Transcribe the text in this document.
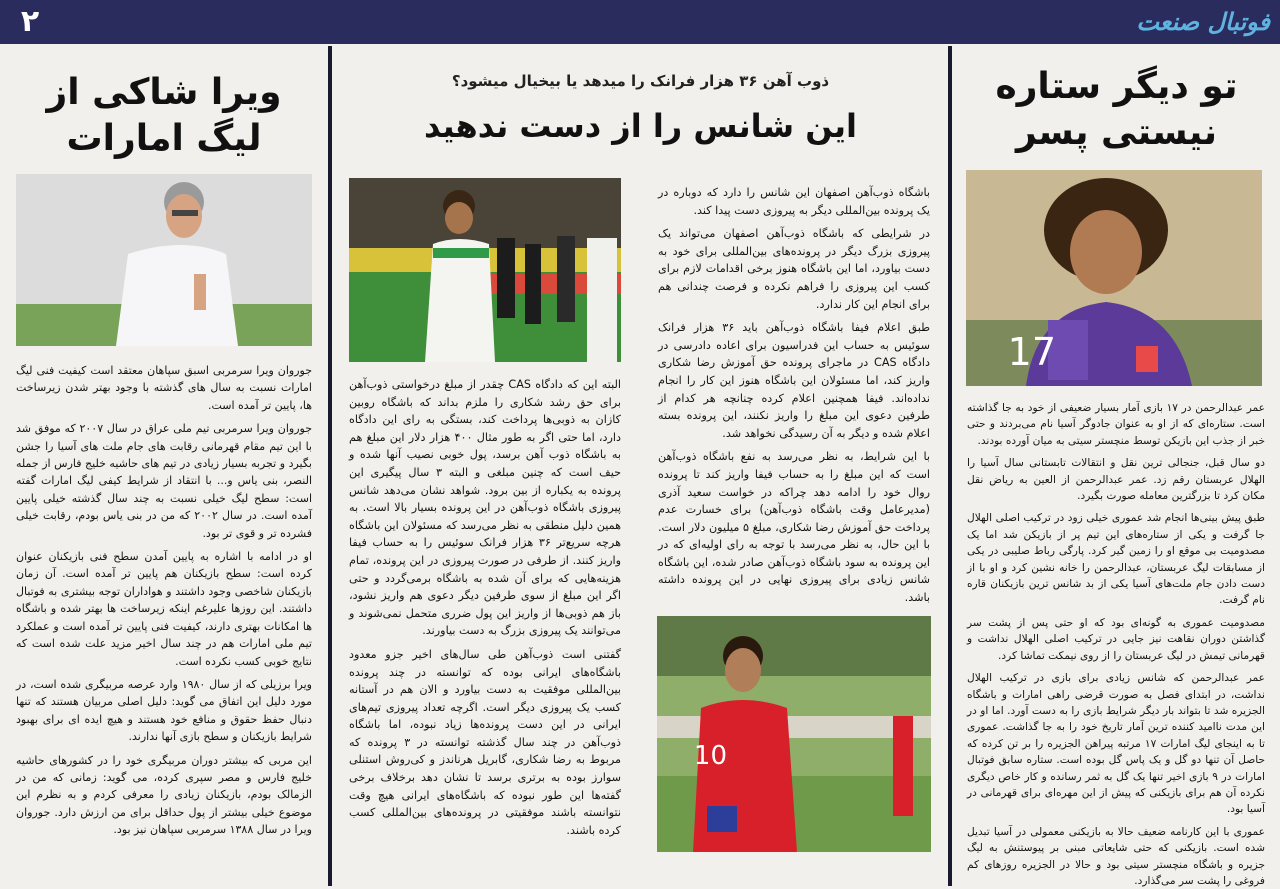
۲	فوتبال صنعت
تو دیگر ستاره
نیستی پسر
17

عمر عبدالرحمن در ۱۷ بازی آمار بسیار ضعیفی از خود به جا گذاشته است. ستاره‌ای که از او به عنوان جادوگر آسیا نام می‌بردند و حتی خبر از جذب این بازیکن توسط منچستر سیتی به میان آورده بودند.

دو سال قبل، جنجالی ترین نقل و انتقالات تابستانی سال آسیا را الهلال عربستان رقم زد. عمر عبدالرحمن از العین به ریاض نقل مکان کرد تا بزرگترین معامله صورت بگیرد.

طبق پیش بینی‌ها انجام شد عموری خیلی زود در ترکیب اصلی الهلال جا گرفت و یکی از ستاره‌های این تیم پر از بازیکن شد اما یک مصدومیت بی موقع او را زمین گیر کرد. پارگی رباط صلیبی در یکی از مسابقات لیگ عربستان، عبدالرحمن را خانه نشین کرد و او با از دست دادن جام ملت‌های آسیا یکی از بد شانس ترین بازیکنان قاره نام گرفت.

مصدومیت عموری به گونه‌ای بود که او حتی پس از پشت سر گذاشتن دوران نقاهت نیز جایی در ترکیب اصلی الهلال نداشت و قهرمانی تیمش در لیگ عربستان را از روی نیمکت تماشا کرد.

عمر عبدالرحمن که شانس زیادی برای بازی در ترکیب الهلال نداشت، در ابتدای فصل به صورت قرضی راهی امارات و باشگاه الجزیره شد تا بتواند بار دیگر شرایط بازی را به دست آورد. اما او در این مدت ناامید کننده ترین آمار تاریخ خود را به جا گذاشت. عموری تا به اینجای لیگ امارات ۱۷ مرتبه پیراهن الجزیره را بر تن کرده که حاصل آن تنها دو گل و یک پاس گل بوده است. ستاره سابق فوتبال امارات در ۹ بازی اخیر تنها یک گل به ثمر رسانده و کار خاص دیگری نکرده آن هم برای بازیکنی که پیش از این مهره‌ای برای قهرمانی در آسیا بود.

عموری با این کارنامه ضعیف حالا به بازیکنی معمولی در آسیا تبدیل شده است. بازیکنی که حتی شایعاتی مبنی بر پیوستنش به لیگ جزیره و باشگاه منچستر سیتی بود و حالا در الجزیره روزهای کم فروغی را پشت سر می‌گذارد.

ذوب آهن ۳۶ هزار فرانک را میدهد یا بیخیال میشود؟
این شانس را از دست ندهید
10

باشگاه ذوب‌آهن اصفهان این شانس را دارد که دوباره در یک پرونده بین‌المللی دیگر به پیروزی دست پیدا کند.

در شرایطی که باشگاه ذوب‌آهن اصفهان می‌تواند یک پیروزی بزرگ دیگر در پرونده‌های بین‌المللی برای خود به دست بیاورد، اما این باشگاه هنوز برخی اقدامات لازم برای کسب این پیروزی را فراهم نکرده و فرصت چندانی هم برای انجام این کار ندارد.

طبق اعلام فیفا باشگاه ذوب‌آهن باید ۳۶ هزار فرانک سوئیس به حساب این فدراسیون برای اعاده دادرسی در دادگاه CAS در ماجرای پرونده حق آموزش رضا شکاری واریز کند، اما مسئولان این باشگاه هنوز این کار را انجام نداده‌اند. فیفا همچنین اعلام کرده چنانچه هر کدام از طرفین دعوی این مبلغ را واریز نکنند، این پرونده بسته اعلام شده و دیگر به آن رسیدگی نخواهد شد.

با این شرایط، به نظر می‌رسد به نفع باشگاه ذوب‌آهن است که این مبلغ را به حساب فیفا واریز کند تا پرونده روال خود را ادامه دهد چراکه در خواست سعید آذری (مدیرعامل وقت باشگاه ذوب‌آهن) برای خسارت عدم پرداخت حق آموزش رضا شکاری، مبلغ ۵ میلیون دلار است. با این حال، به نظر می‌رسد با توجه به رای اولیه‌ای که در این پرونده به سود باشگاه ذوب‌آهن صادر شده، این باشگاه شانس زیادی برای پیروزی نهایی در این پرونده داشته باشد.

البته این که دادگاه CAS چقدر از مبلغ درخواستی ذوب‌آهن برای حق رشد شکاری را ملزم بداند که باشگاه روبین کازان به ذوبی‌ها پرداخت کند، بستگی به رای این دادگاه دارد، اما حتی اگر به طور مثال ۴۰۰ هزار دلار این مبلغ هم به باشگاه ذوب آهن برسد، پول خوبی نصیب آنها شده و حیف است که چنین مبلغی و البته ۳ سال پیگیری این پرونده به یکباره از بین برود. شواهد نشان می‌دهد شانس پیروزی باشگاه ذوب‌آهن در این پرونده بسیار بالا است. به همین دلیل منطقی به نظر می‌رسد که مسئولان این باشگاه هرچه سریع‌تر ۳۶ هزار فرانک سوئیس را به حساب فیفا واریز کنند. از طرفی در صورت پیروزی در این پرونده، تمام هزینه‌هایی که برای آن شده به باشگاه برمی‌گردد و حتی اگر این مبلغ از سوی طرفین دیگر دعوی هم واریز نشود، باز هم ذوبی‌ها از واریز این پول ضرری متحمل نمی‌شوند و می‌توانند یک پیروزی بزرگ به دست بیاورند.

گفتنی است ذوب‌آهن طی سال‌های اخیر جزو معدود باشگاه‌های ایرانی بوده که توانسته در چند پرونده بین‌المللی موفقیت به دست بیاورد و الان هم در آستانه کسب یک پیروزی دیگر است. اگرچه تعداد پیروزی تیم‌های ایرانی در این دست پرونده‌ها زیاد نبوده، اما باشگاه ذوب‌آهن در چند سال گذشته توانسته در ۳ پرونده که مربوط به رضا شکاری، گابریل هرناندز و کی‌روش استنلی سوارز بوده به برتری برسد تا نشان دهد برخلاف برخی گفته‌ها این طور نبوده که باشگاه‌های ایرانی هیچ وقت نتوانسته باشند موفقیتی در پرونده‌های بین‌المللی کسب کرده باشند.

ویرا شاکی از
لیگ امارات

جوروان ویرا سرمربی اسبق سپاهان معتقد است کیفیت فنی لیگ امارات نسبت به سال های گذشته با وجود بهتر شدن زیرساخت ها، پایین تر آمده است.

جوروان ویرا سرمربی تیم ملی عراق در سال ۲۰۰۷ که موفق شد با این تیم مقام قهرمانی رقابت های جام ملت های آسیا را جشن بگیرد و تجربه بسیار زیادی در تیم های حاشیه خلیج فارس از جمله النصر، بنی یاس و... با انتقاد از شرایط کیفی لیگ امارات گفته است: سطح لیگ خیلی نسبت به چند سال گذشته خیلی پایین آمده است. در سال ۲۰۰۲ که من در بنی یاس بودم، رقابت خیلی فشرده تر و قوی تر بود.

او در ادامه با اشاره به پایین آمدن سطح فنی بازیکنان عنوان کرده است: سطح بازیکنان هم پایین تر آمده است. آن زمان بازیکنان شاخصی وجود داشتند و هواداران توجه بیشتری به فوتبال داشتند. این روزها علیرغم اینکه زیرساخت ها بهتر شده و باشگاه ها امکانات بهتری دارند، کیفیت فنی پایین تر آمده است و عملکرد تیم ملی امارات هم در چند سال اخیر مزید علت شده است که نتایج خوبی کسب نکرده است.

ویرا برزیلی که از سال ۱۹۸۰ وارد عرصه مربیگری شده است، در مورد دلیل این اتفاق می گوید: دلیل اصلی مربیان هستند که تنها دنبال حفظ حقوق و منافع خود هستند و هیچ ایده ای برای بهبود شرایط بازیکنان و سطح بازی آنها ندارند.

این مربی که بیشتر دوران مربیگری خود را در کشورهای حاشیه خلیج فارس و مصر سپری کرده، می گوید: زمانی که من در الزمالک بودم، بازیکنان زیادی را معرفی کردم و به نظرم این موضوع خیلی بیشتر از پول حداقل برای من ارزش دارد. جوروان ویرا در سال ۱۳۸۸ سرمربی سپاهان نیز بود.
